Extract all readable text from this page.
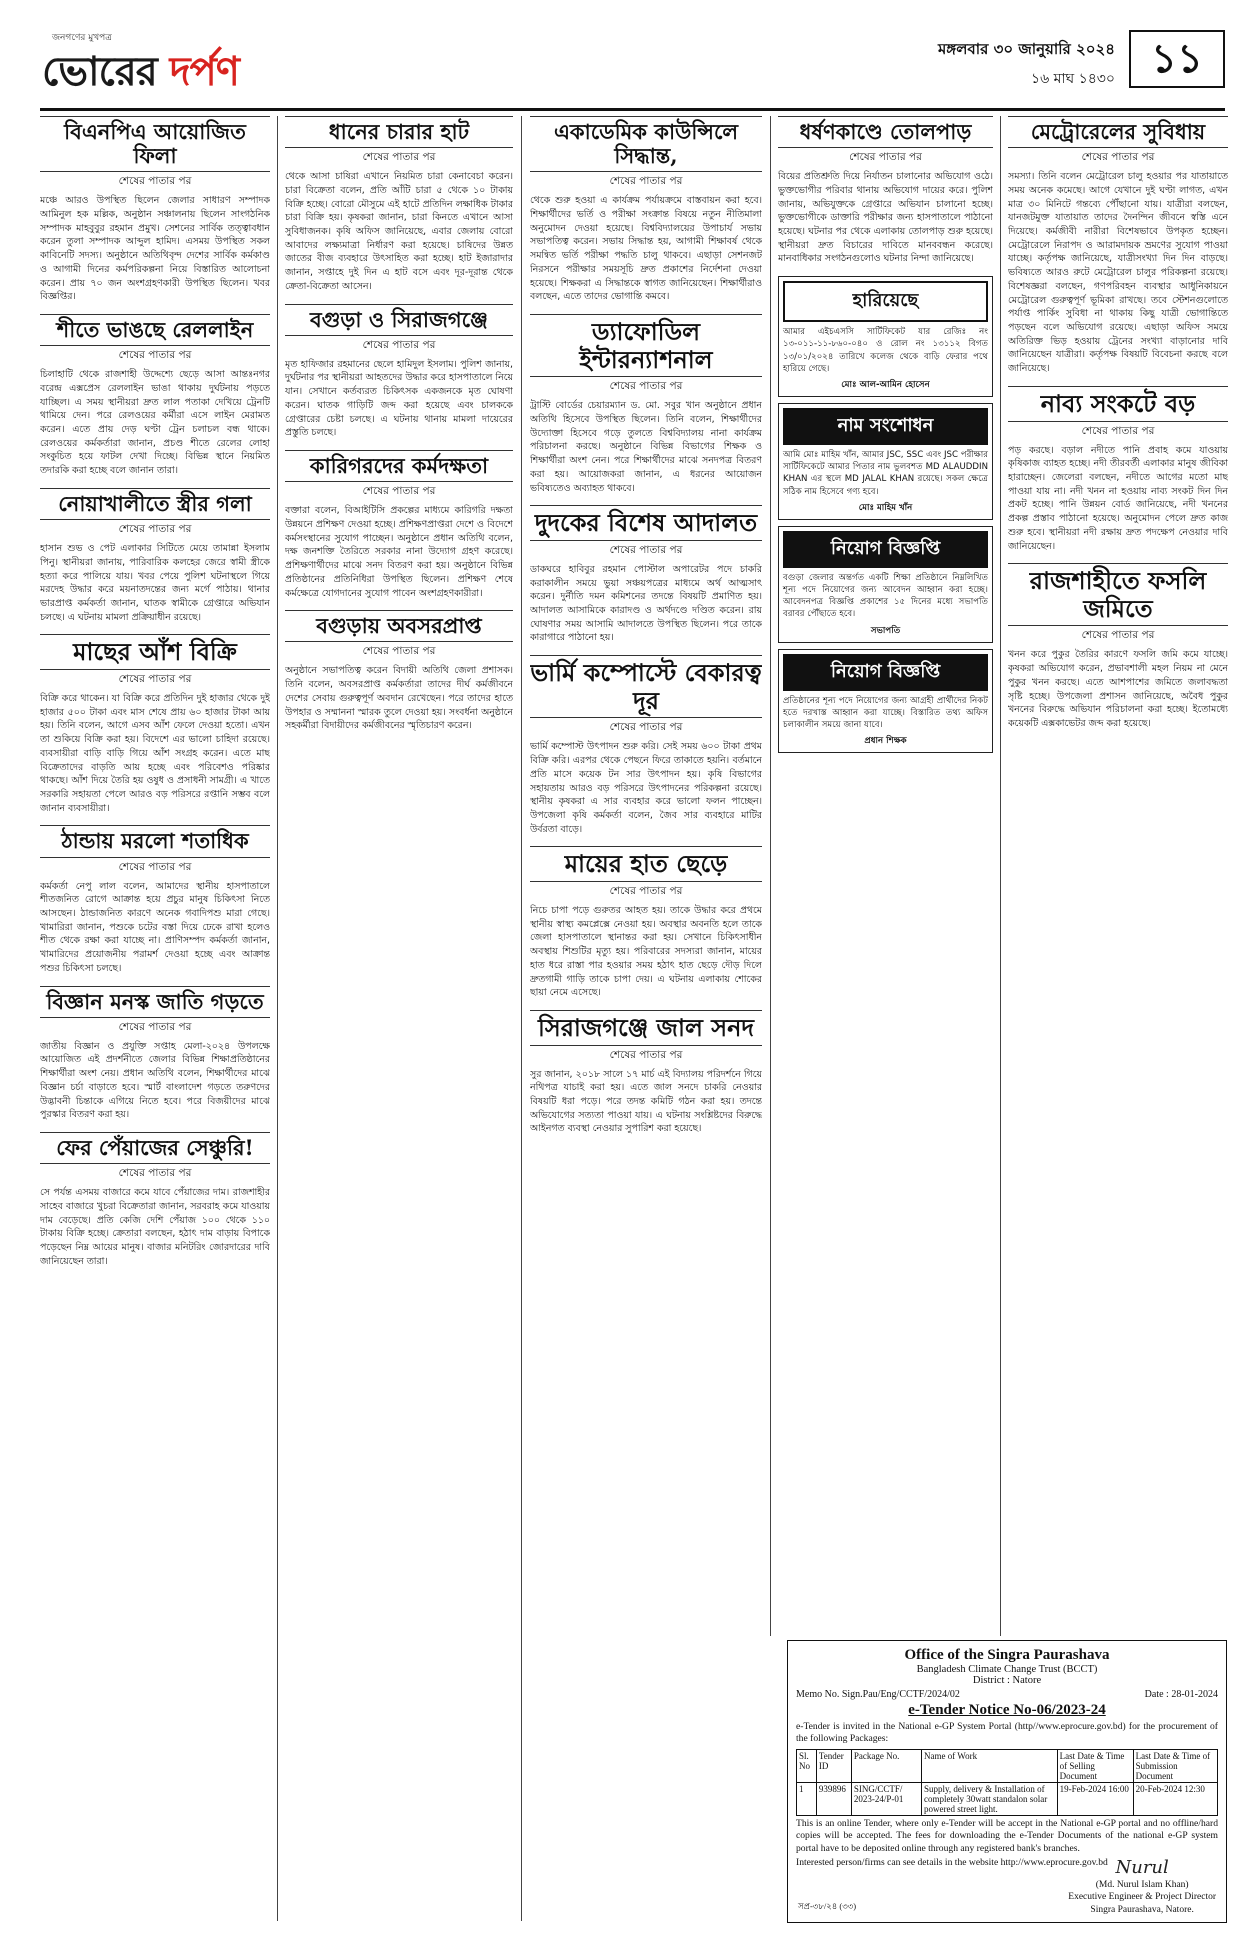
জনগণের মুখপত্র
ভোরের দর্পণ	মঙ্গলবার ৩০ জানুয়ারি ২০২৪
১৬ মাঘ ১৪৩০ ১১
বিএনপিএ আয়োজিত ফিলা
শেষের পাতার পর
মঞ্চে আরও উপস্থিত ছিলেন জেলার সাধারণ সম্পাদক আমিনুল হক মল্লিক, অনুষ্ঠান সঞ্চালনায় ছিলেন সাংগঠনিক সম্পাদক মাহবুবুর রহমান প্রমুখ। সেশনের সার্বিক তত্ত্বাবধান করেন তুলা সম্পাদক আব্দুল হামিদ। এসময় উপস্থিত সকল কাবিনেটি সদস্য। অনুষ্ঠানে অতিথিবৃন্দ দেশের সার্বিক কর্মকাণ্ড ও আগামী দিনের কর্মপরিকল্পনা নিয়ে বিস্তারিত আলোচনা করেন। প্রায় ৭০ জন অংশগ্রহণকারী উপস্থিত ছিলেন। খবর বিজ্ঞপ্তির।
শীতে ভাঙছে রেললাইন
শেষের পাতার পর
চিলাহাটি থেকে রাজশাহী উদ্দেশ্যে ছেড়ে আসা আন্তঃনগর বরেন্দ্র এক্সপ্রেস রেললাইন ভাঙা থাকায় দুর্ঘটনায় পড়তে যাচ্ছিল। এ সময় স্থানীয়রা দ্রুত লাল পতাকা দেখিয়ে ট্রেনটি থামিয়ে দেন। পরে রেলওয়ের কর্মীরা এসে লাইন মেরামত করেন। এতে প্রায় দেড় ঘণ্টা ট্রেন চলাচল বন্ধ থাকে। রেলওয়ের কর্মকর্তারা জানান, প্রচণ্ড শীতে রেলের লোহা সংকুচিত হয়ে ফাটল দেখা দিচ্ছে। বিভিন্ন স্থানে নিয়মিত তদারকি করা হচ্ছে বলে জানান তারা।
নোয়াখালীতে স্ত্রীর গলা
শেষের পাতার পর
হাসান শুভ ও পেট এলাকার সিটিতে মেয়ে তামান্না ইসলাম পিনু। স্থানীয়রা জানায়, পারিবারিক কলহের জেরে স্বামী স্ত্রীকে হত্যা করে পালিয়ে যায়। খবর পেয়ে পুলিশ ঘটনাস্থলে গিয়ে মরদেহ উদ্ধার করে ময়নাতদন্তের জন্য মর্গে পাঠায়। থানার ভারপ্রাপ্ত কর্মকর্তা জানান, ঘাতক স্বামীকে গ্রেপ্তারে অভিযান চলছে। এ ঘটনায় মামলা প্রক্রিয়াধীন রয়েছে।
মাছের আঁশ বিক্রি
শেষের পাতার পর
বিক্রি করে থাকেন। যা বিক্রি করে প্রতিদিন দুই হাজার থেকে দুই হাজার ৫০০ টাকা এবং মাস শেষে প্রায় ৬০ হাজার টাকা আয় হয়। তিনি বলেন, আগে এসব আঁশ ফেলে দেওয়া হতো। এখন তা শুকিয়ে বিক্রি করা হয়। বিদেশে এর ভালো চাহিদা রয়েছে। ব্যবসায়ীরা বাড়ি বাড়ি গিয়ে আঁশ সংগ্রহ করেন। এতে মাছ বিক্রেতাদের বাড়তি আয় হচ্ছে এবং পরিবেশও পরিষ্কার থাকছে। আঁশ দিয়ে তৈরি হয় ওষুধ ও প্রসাধনী সামগ্রী। এ খাতে সরকারি সহায়তা পেলে আরও বড় পরিসরে রপ্তানি সম্ভব বলে জানান ব্যবসায়ীরা।
ঠান্ডায় মরলো শতাধিক
শেষের পাতার পর
কর্মকর্তা নেপু লাল বলেন, আমাদের স্থানীয় হাসপাতালে শীতজনিত রোগে আক্রান্ত হয়ে প্রচুর মানুষ চিকিৎসা নিতে আসছেন। ঠান্ডাজনিত কারণে অনেক গবাদিপশু মারা গেছে। খামারিরা জানান, পশুকে চটের বস্তা দিয়ে ঢেকে রাখা হলেও শীত থেকে রক্ষা করা যাচ্ছে না। প্রাণিসম্পদ কর্মকর্তা জানান, খামারিদের প্রয়োজনীয় পরামর্শ দেওয়া হচ্ছে এবং আক্রান্ত পশুর চিকিৎসা চলছে।
বিজ্ঞান মনস্ক জাতি গড়তে
শেষের পাতার পর
জাতীয় বিজ্ঞান ও প্রযুক্তি সপ্তাহ মেলা-২০২৪ উপলক্ষে আয়োজিত এই প্রদর্শনীতে জেলার বিভিন্ন শিক্ষাপ্রতিষ্ঠানের শিক্ষার্থীরা অংশ নেয়। প্রধান অতিথি বলেন, শিক্ষার্থীদের মাঝে বিজ্ঞান চর্চা বাড়াতে হবে। স্মার্ট বাংলাদেশ গড়তে তরুণদের উদ্ভাবনী চিন্তাকে এগিয়ে নিতে হবে। পরে বিজয়ীদের মাঝে পুরস্কার বিতরণ করা হয়।
ফের পেঁয়াজের সেঞ্চুরি!
শেষের পাতার পর
সে পর্যন্ত এসময় বাজারে কমে যাবে পেঁয়াজের দাম। রাজশাহীর সাহেব বাজারে খুচরা বিক্রেতারা জানান, সরবরাহ কমে যাওয়ায় দাম বেড়েছে। প্রতি কেজি দেশি পেঁয়াজ ১০০ থেকে ১১০ টাকায় বিক্রি হচ্ছে। ক্রেতারা বলছেন, হঠাৎ দাম বাড়ায় বিপাকে পড়েছেন নিম্ন আয়ের মানুষ। বাজার মনিটরিং জোরদারের দাবি জানিয়েছেন তারা।
ধানের চারার হাট
শেষের পাতার পর
থেকে আসা চাষিরা এখানে নিয়মিত চারা কেনাবেচা করেন। চারা বিক্রেতা বলেন, প্রতি আঁটি চারা ৫ থেকে ১০ টাকায় বিক্রি হচ্ছে। বোরো মৌসুমে এই হাটে প্রতিদিন লক্ষাধিক টাকার চারা বিক্রি হয়। কৃষকরা জানান, চারা কিনতে এখানে আসা সুবিধাজনক। কৃষি অফিস জানিয়েছে, এবার জেলায় বোরো আবাদের লক্ষ্যমাত্রা নির্ধারণ করা হয়েছে। চাষিদের উন্নত জাতের বীজ ব্যবহারে উৎসাহিত করা হচ্ছে। হাট ইজারাদার জানান, সপ্তাহে দুই দিন এ হাট বসে এবং দূর-দূরান্ত থেকে ক্রেতা-বিক্রেতা আসেন।
বগুড়া ও সিরাজগঞ্জে
শেষের পাতার পর
মৃত হাফিজার রহমানের ছেলে হামিদুল ইসলাম। পুলিশ জানায়, দুর্ঘটনার পর স্থানীয়রা আহতদের উদ্ধার করে হাসপাতালে নিয়ে যান। সেখানে কর্তব্যরত চিকিৎসক একজনকে মৃত ঘোষণা করেন। ঘাতক গাড়িটি জব্দ করা হয়েছে এবং চালককে গ্রেপ্তারের চেষ্টা চলছে। এ ঘটনায় থানায় মামলা দায়েরের প্রস্তুতি চলছে।
কারিগরদের কর্মদক্ষতা
শেষের পাতার পর
বক্তারা বলেন, বিআইটিসি প্রকল্পের মাধ্যমে কারিগরি দক্ষতা উন্নয়নে প্রশিক্ষণ দেওয়া হচ্ছে। প্রশিক্ষণপ্রাপ্তরা দেশে ও বিদেশে কর্মসংস্থানের সুযোগ পাচ্ছেন। অনুষ্ঠানে প্রধান অতিথি বলেন, দক্ষ জনশক্তি তৈরিতে সরকার নানা উদ্যোগ গ্রহণ করেছে। প্রশিক্ষণার্থীদের মাঝে সনদ বিতরণ করা হয়। অনুষ্ঠানে বিভিন্ন প্রতিষ্ঠানের প্রতিনিধিরা উপস্থিত ছিলেন। প্রশিক্ষণ শেষে কর্মক্ষেত্রে যোগদানের সুযোগ পাবেন অংশগ্রহণকারীরা।
বগুড়ায় অবসরপ্রাপ্ত
শেষের পাতার পর
অনুষ্ঠানে সভাপতিত্ব করেন বিদায়ী অতিথি জেলা প্রশাসক। তিনি বলেন, অবসরপ্রাপ্ত কর্মকর্তারা তাদের দীর্ঘ কর্মজীবনে দেশের সেবায় গুরুত্বপূর্ণ অবদান রেখেছেন। পরে তাদের হাতে উপহার ও সম্মাননা স্মারক তুলে দেওয়া হয়। সংবর্ধনা অনুষ্ঠানে সহকর্মীরা বিদায়ীদের কর্মজীবনের স্মৃতিচারণ করেন।
একাডেমিক কাউন্সিলে সিদ্ধান্ত,
শেষের পাতার পর
থেকে শুরু হওয়া এ কার্যক্রম পর্যায়ক্রমে বাস্তবায়ন করা হবে। শিক্ষার্থীদের ভর্তি ও পরীক্ষা সংক্রান্ত বিষয়ে নতুন নীতিমালা অনুমোদন দেওয়া হয়েছে। বিশ্ববিদ্যালয়ের উপাচার্য সভায় সভাপতিত্ব করেন। সভায় সিদ্ধান্ত হয়, আগামী শিক্ষাবর্ষ থেকে সমন্বিত ভর্তি পরীক্ষা পদ্ধতি চালু থাকবে। এছাড়া সেশনজট নিরসনে পরীক্ষার সময়সূচি দ্রুত প্রকাশের নির্দেশনা দেওয়া হয়েছে। শিক্ষকরা এ সিদ্ধান্তকে স্বাগত জানিয়েছেন। শিক্ষার্থীরাও বলছেন, এতে তাদের ভোগান্তি কমবে।
ড্যাফোডিল ইন্টারন্যাশনাল
শেষের পাতার পর
ট্রাস্টি বোর্ডের চেয়ারম্যান ড. মো. সবুর খান অনুষ্ঠানে প্রধান অতিথি হিসেবে উপস্থিত ছিলেন। তিনি বলেন, শিক্ষার্থীদের উদ্যোক্তা হিসেবে গড়ে তুলতে বিশ্ববিদ্যালয় নানা কার্যক্রম পরিচালনা করছে। অনুষ্ঠানে বিভিন্ন বিভাগের শিক্ষক ও শিক্ষার্থীরা অংশ নেন। পরে শিক্ষার্থীদের মাঝে সনদপত্র বিতরণ করা হয়। আয়োজকরা জানান, এ ধরনের আয়োজন ভবিষ্যতেও অব্যাহত থাকবে।
দুদকের বিশেষ আদালত
শেষের পাতার পর
ডাকঘরে হাবিবুর রহমান পোস্টাল অপারেটর পদে চাকরি করাকালীন সময়ে ভুয়া সঞ্চয়পত্রের মাধ্যমে অর্থ আত্মসাৎ করেন। দুর্নীতি দমন কমিশনের তদন্তে বিষয়টি প্রমাণিত হয়। আদালত আসামিকে কারাদণ্ড ও অর্থদণ্ডে দণ্ডিত করেন। রায় ঘোষণার সময় আসামি আদালতে উপস্থিত ছিলেন। পরে তাকে কারাগারে পাঠানো হয়।
ভার্মি কম্পোস্টে বেকারত্ব দূর
শেষের পাতার পর
ভার্মি কম্পোস্ট উৎপাদন শুরু করি। সেই সময় ৬০০ টাকা প্রথম বিক্রি করি। এরপর থেকে পেছনে ফিরে তাকাতে হয়নি। বর্তমানে প্রতি মাসে কয়েক টন সার উৎপাদন হয়। কৃষি বিভাগের সহায়তায় আরও বড় পরিসরে উৎপাদনের পরিকল্পনা রয়েছে। স্থানীয় কৃষকরা এ সার ব্যবহার করে ভালো ফলন পাচ্ছেন। উপজেলা কৃষি কর্মকর্তা বলেন, জৈব সার ব্যবহারে মাটির উর্বরতা বাড়ে।
মায়ের হাত ছেড়ে
শেষের পাতার পর
নিচে চাপা পড়ে গুরুতর আহত হয়। তাকে উদ্ধার করে প্রথমে স্থানীয় স্বাস্থ্য কমপ্লেক্সে নেওয়া হয়। অবস্থার অবনতি হলে তাকে জেলা হাসপাতালে স্থানান্তর করা হয়। সেখানে চিকিৎসাধীন অবস্থায় শিশুটির মৃত্যু হয়। পরিবারের সদস্যরা জানান, মায়ের হাত ধরে রাস্তা পার হওয়ার সময় হঠাৎ হাত ছেড়ে দৌড় দিলে দ্রুতগামী গাড়ি তাকে চাপা দেয়। এ ঘটনায় এলাকায় শোকের ছায়া নেমে এসেছে।
সিরাজগঞ্জে জাল সনদ
শেষের পাতার পর
সুর জানান, ২০১৮ সালে ১৭ মার্চ এই বিদ্যালয় পরিদর্শনে গিয়ে নথিপত্র যাচাই করা হয়। এতে জাল সনদে চাকরি নেওয়ার বিষয়টি ধরা পড়ে। পরে তদন্ত কমিটি গঠন করা হয়। তদন্তে অভিযোগের সত্যতা পাওয়া যায়। এ ঘটনায় সংশ্লিষ্টদের বিরুদ্ধে আইনগত ব্যবস্থা নেওয়ার সুপারিশ করা হয়েছে।
ধর্ষণকাণ্ডে তোলপাড়
শেষের পাতার পর
বিয়ের প্রতিশ্রুতি দিয়ে নির্যাতন চালানোর অভিযোগ ওঠে। ভুক্তভোগীর পরিবার থানায় অভিযোগ দায়ের করে। পুলিশ জানায়, অভিযুক্তকে গ্রেপ্তারে অভিযান চালানো হচ্ছে। ভুক্তভোগীকে ডাক্তারি পরীক্ষার জন্য হাসপাতালে পাঠানো হয়েছে। ঘটনার পর থেকে এলাকায় তোলপাড় শুরু হয়েছে। স্থানীয়রা দ্রুত বিচারের দাবিতে মানববন্ধন করেছে। মানবাধিকার সংগঠনগুলোও ঘটনার নিন্দা জানিয়েছে।
হারিয়েছে
আমার এইচএসসি সার্টিফিকেট যার রেজিঃ নং ১৩-০১১-১১-৮৬০-০৪০ ও রোল নং ১৩১১২ বিগত ১৩/০১/২০২৪ তারিখে কলেজ থেকে বাড়ি ফেরার পথে হারিয়ে গেছে।
মোঃ আল-আমিন হোসেন
নাম সংশোধন
আমি মোঃ মাহিম খাঁন, আমার JSC, SSC এবং JSC পরীক্ষার সার্টিফিকেটে আমার পিতার নাম ভুলবশত MD ALAUDDIN KHAN এর স্থলে MD JALAL KHAN রয়েছে। সকল ক্ষেত্রে সঠিক নাম হিসেবে গণ্য হবে।
মোঃ মাহিম খাঁন
নিয়োগ বিজ্ঞপ্তি
বগুড়া জেলার অন্তর্গত একটি শিক্ষা প্রতিষ্ঠানে নিম্নলিখিত শূন্য পদে নিয়োগের জন্য আবেদন আহ্বান করা হচ্ছে। আবেদনপত্র বিজ্ঞপ্তি প্রকাশের ১৫ দিনের মধ্যে সভাপতি বরাবর পৌঁছাতে হবে।
সভাপতি
নিয়োগ বিজ্ঞপ্তি
প্রতিষ্ঠানের শূন্য পদে নিয়োগের জন্য আগ্রহী প্রার্থীদের নিকট হতে দরখাস্ত আহ্বান করা যাচ্ছে। বিস্তারিত তথ্য অফিস চলাকালীন সময়ে জানা যাবে।
প্রধান শিক্ষক
মেট্রোরেলের সুবিধায়
শেষের পাতার পর
সমস্যা। তিনি বলেন মেট্রোরেল চালু হওয়ার পর যাতায়াতে সময় অনেক কমেছে। আগে যেখানে দুই ঘণ্টা লাগত, এখন মাত্র ৩০ মিনিটে গন্তব্যে পৌঁছানো যায়। যাত্রীরা বলছেন, যানজটমুক্ত যাতায়াত তাদের দৈনন্দিন জীবনে স্বস্তি এনে দিয়েছে। কর্মজীবী নারীরা বিশেষভাবে উপকৃত হচ্ছেন। মেট্রোরেলে নিরাপদ ও আরামদায়ক ভ্রমণের সুযোগ পাওয়া যাচ্ছে। কর্তৃপক্ষ জানিয়েছে, যাত্রীসংখ্যা দিন দিন বাড়ছে। ভবিষ্যতে আরও রুটে মেট্রোরেল চালুর পরিকল্পনা রয়েছে। বিশেষজ্ঞরা বলছেন, গণপরিবহন ব্যবস্থার আধুনিকায়নে মেট্রোরেল গুরুত্বপূর্ণ ভূমিকা রাখছে। তবে স্টেশনগুলোতে পর্যাপ্ত পার্কিং সুবিধা না থাকায় কিছু যাত্রী ভোগান্তিতে পড়ছেন বলে অভিযোগ রয়েছে। এছাড়া অফিস সময়ে অতিরিক্ত ভিড় হওয়ায় ট্রেনের সংখ্যা বাড়ানোর দাবি জানিয়েছেন যাত্রীরা। কর্তৃপক্ষ বিষয়টি বিবেচনা করছে বলে জানিয়েছে।
নাব্য সংকটে বড়
শেষের পাতার পর
পড় করছে। বড়াল নদীতে পানি প্রবাহ কমে যাওয়ায় কৃষিকাজ ব্যাহত হচ্ছে। নদী তীরবর্তী এলাকার মানুষ জীবিকা হারাচ্ছেন। জেলেরা বলছেন, নদীতে আগের মতো মাছ পাওয়া যায় না। নদী খনন না হওয়ায় নাব্য সংকট দিন দিন প্রকট হচ্ছে। পানি উন্নয়ন বোর্ড জানিয়েছে, নদী খননের প্রকল্প প্রস্তাব পাঠানো হয়েছে। অনুমোদন পেলে দ্রুত কাজ শুরু হবে। স্থানীয়রা নদী রক্ষায় দ্রুত পদক্ষেপ নেওয়ার দাবি জানিয়েছেন।
রাজশাহীতে ফসলি জমিতে
শেষের পাতার পর
খনন করে পুকুর তৈরির কারণে ফসলি জমি কমে যাচ্ছে। কৃষকরা অভিযোগ করেন, প্রভাবশালী মহল নিয়ম না মেনে পুকুর খনন করছে। এতে আশপাশের জমিতে জলাবদ্ধতা সৃষ্টি হচ্ছে। উপজেলা প্রশাসন জানিয়েছে, অবৈধ পুকুর খননের বিরুদ্ধে অভিযান পরিচালনা করা হচ্ছে। ইতোমধ্যে কয়েকটি এক্সকাভেটর জব্দ করা হয়েছে।
Office of the Singra Paurashava
Bangladesh Climate Change Trust (BCCT)
District : Natore
Memo No. Sign.Pau/Eng/CCTF/2024/02	Date : 28-01-2024
e-Tender Notice No-06/2023-24
e-Tender is invited in the National e-GP System Portal (http//www.eprocure.gov.bd) for the procurement of the following Packages:
Sl. No	Tender ID	Package No.	Name of Work	Last Date & Time of Selling Document	Last Date & Time of Submission Document
1	939896	SING/CCTF/ 2023-24/P-01	Supply, delivery & Installation of completely 30watt standalon solar powered street light.	19-Feb-2024 16:00	20-Feb-2024 12:30
This is an online Tender, where only e-Tender will be accept in the National e-GP portal and no offline/hard copies will be accepted. The fees for downloading the e-Tender Documents of the national e-GP system portal have to be deposited online through any registered bank's branches.
Interested person/firms can see details in the website http://www.eprocure.gov.bd
সপ্র-৩৮/২৪ (৩৩)
Nurul
(Md. Nurul Islam Khan)
Executive Engineer & Project Director
Singra Paurashava, Natore.
